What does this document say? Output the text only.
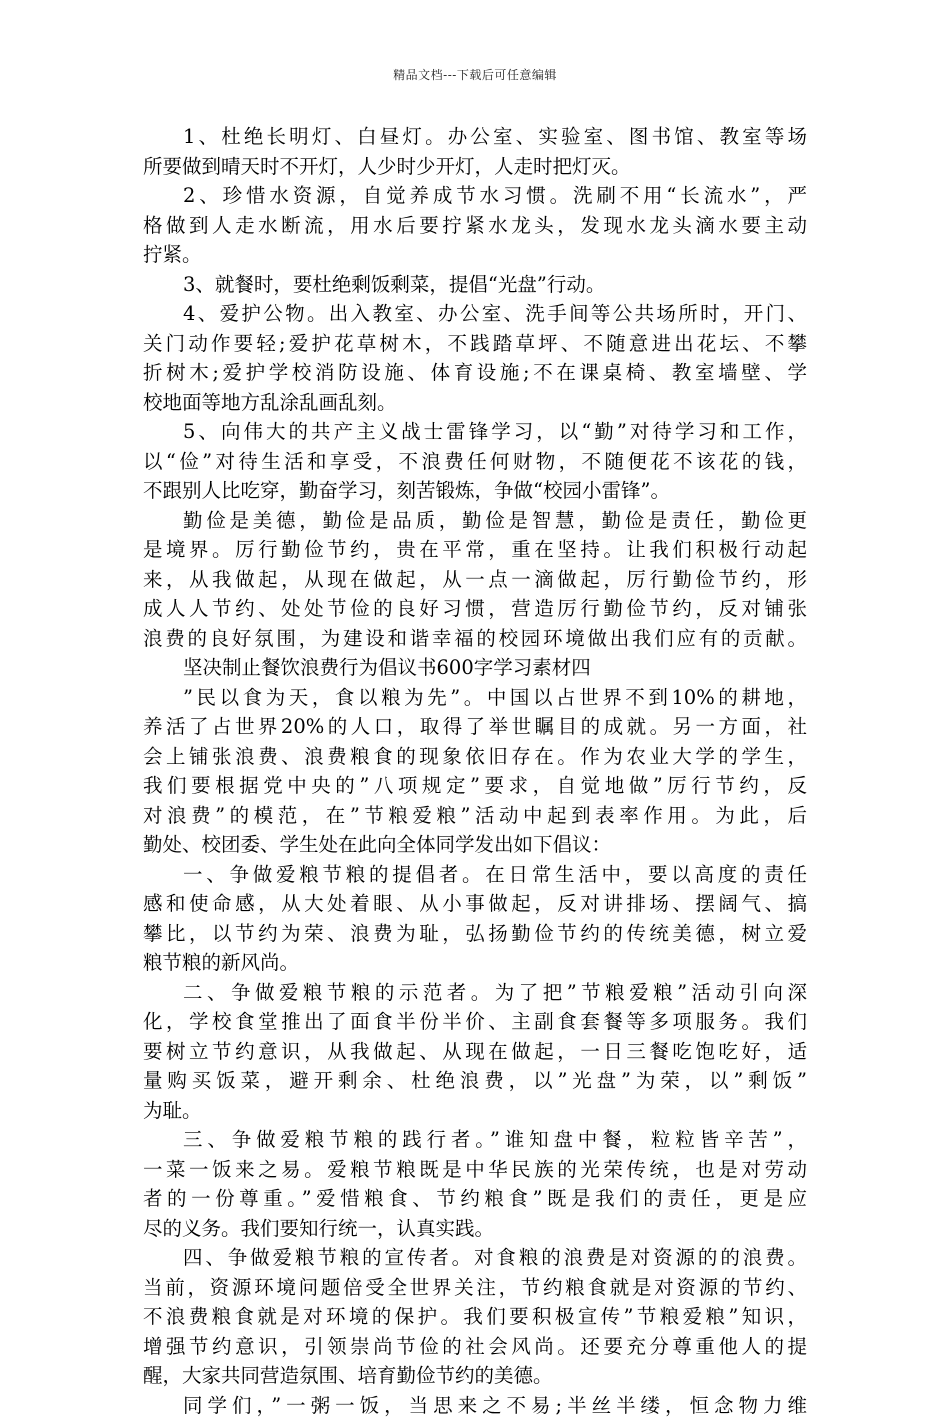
精品文档---下载后可任意编辑
1、杜绝长明灯、白昼灯。办公室、实验室、图书馆、教室等场
所要做到晴天时不开灯，人少时少开灯，人走时把灯灭。
2、珍惜水资源，自觉养成节水习惯。洗刷不用“长流水”，严
格做到人走水断流，用水后要拧紧水龙头，发现水龙头滴水要主动
拧紧。
3、就餐时，要杜绝剩饭剩菜，提倡“光盘”行动。
4、爱护公物。出入教室、办公室、洗手间等公共场所时，开门、
关门动作要轻;爱护花草树木，不践踏草坪、不随意进出花坛、不攀
折树木;爱护学校消防设施、体育设施;不在课桌椅、教室墙壁、学
校地面等地方乱涂乱画乱刻。
5、向伟大的共产主义战士雷锋学习，以“勤”对待学习和工作，
以“俭”对待生活和享受，不浪费任何财物，不随便花不该花的钱，
不跟别人比吃穿，勤奋学习，刻苦锻炼，争做“校园小雷锋”。
勤俭是美德，勤俭是品质，勤俭是智慧，勤俭是责任，勤俭更
是境界。厉行勤俭节约，贵在平常，重在坚持。让我们积极行动起
来，从我做起，从现在做起，从一点一滴做起，厉行勤俭节约，形
成人人节约、处处节俭的良好习惯，营造厉行勤俭节约，反对铺张
浪费的良好氛围，为建设和谐幸福的校园环境做出我们应有的贡献。
坚决制止餐饮浪费行为倡议书600字学习素材四
”民以食为天，食以粮为先”。中国以占世界不到10%的耕地，
养活了占世界20%的人口，取得了举世瞩目的成就。另一方面，社
会上铺张浪费、浪费粮食的现象依旧存在。作为农业大学的学生，
我们要根据党中央的”八项规定”要求，自觉地做”厉行节约，反
对浪费”的模范，在”节粮爱粮”活动中起到表率作用。为此，后
勤处、校团委、学生处在此向全体同学发出如下倡议：
一、争做爱粮节粮的提倡者。在日常生活中，要以高度的责任
感和使命感，从大处着眼、从小事做起，反对讲排场、摆阔气、搞
攀比，以节约为荣、浪费为耻，弘扬勤俭节约的传统美德，树立爱
粮节粮的新风尚。
二、争做爱粮节粮的示范者。为了把”节粮爱粮”活动引向深
化，学校食堂推出了面食半份半价、主副食套餐等多项服务。我们
要树立节约意识，从我做起、从现在做起，一日三餐吃饱吃好，适
量购买饭菜，避开剩余、杜绝浪费，以”光盘”为荣，以”剩饭”
为耻。
三、争做爱粮节粮的践行者。”谁知盘中餐，粒粒皆辛苦”，
一菜一饭来之易。爱粮节粮既是中华民族的光荣传统，也是对劳动
者的一份尊重。”爱惜粮食、节约粮食”既是我们的责任，更是应
尽的义务。我们要知行统一，认真实践。
四、争做爱粮节粮的宣传者。对食粮的浪费是对资源的的浪费。
当前，资源环境问题倍受全世界关注，节约粮食就是对资源的节约、
不浪费粮食就是对环境的保护。我们要积极宣传”节粮爱粮”知识，
增强节约意识，引领崇尚节俭的社会风尚。还要充分尊重他人的提
醒，大家共同营造氛围、培育勤俭节约的美德。
同学们，”一粥一饭，当思来之不易;半丝半缕，恒念物力维
